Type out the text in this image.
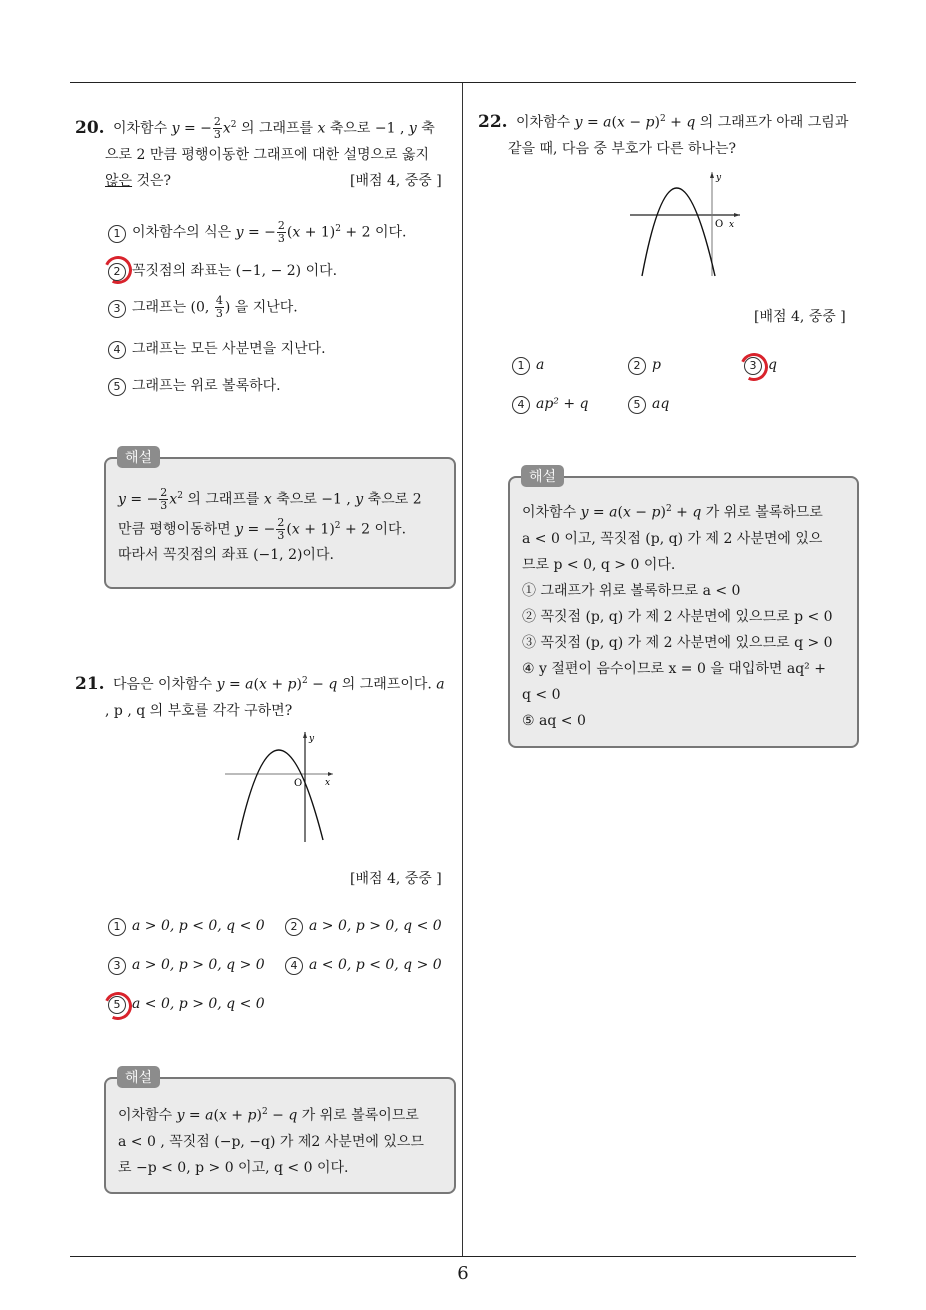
6
20. 이차함수 y = − $\frac{2}{3} x^2$ 의 그래프를 x 축으로 −1 , y 축
으로 2 만큼 평행이동한 그래프에 대한 설명으로 옳지
않은 것은?	[배점 4, 중중 ]
1 이차함수의 식은 y = − $\frac{2}{3} (x + 1)^2 + 2$ 이다.
2 꼭짓점의 좌표는 (−1, − 2) 이다.
3 그래프는 (0, $\frac{4}{3}$ ) 을 지난다.
4 그래프는 모든 사분면을 지난다.
5 그래프는 위로 볼록하다.
y = − $\frac{2}{3} x^2$ 의 그래프를 x 축으로 −1 , y 축으로 2
만큼 평행이동하면 y = − $\frac{2}{3} (x + 1)^2 + 2$ 이다.
따라서 꼭짓점의 좌표 (−1, 2)이다.
해설
21. 다음은 이차함수 $y = a(x + p)^2 - q$ 의 그래프이다. a
, p , q 의 부호를 각각 구하면?
O	x
y
[배점 4, 중중 ]
1 a > 0, p < 0, q < 0	2 a > 0, p > 0, q < 0
3 a > 0, p > 0, q > 0	4 a < 0, p < 0, q > 0
5 a < 0, p > 0, q < 0
이차함수 $y = a(x + p)^2 - q$ 가 위로 볼록이므로
a < 0 , 꼭짓점 (−p, −q) 가 제2 사분면에 있으므
로 −p < 0, p > 0 이고, q < 0 이다.
해설
22. 이차함수 $y = a(x - p)^2 + q$ 의 그래프가 아래 그림과
같을 때, 다음 중 부호가 다른 하나는?
O x
y
[배점 4, 중중 ]
1 a	2 p	3 q
4 ap² + q	5 aq
이차함수 $y = a(x - p)^2 + q$ 가 위로 볼록하므로
a < 0 이고, 꼭짓점 (p, q) 가 제 2 사분면에 있으
므로 p < 0, q > 0 이다.
① 그래프가 위로 볼록하므로 a < 0
② 꼭짓점 (p, q) 가 제 2 사분면에 있으므로 p < 0
③ 꼭짓점 (p, q) 가 제 2 사분면에 있으므로 q > 0
④ y 절편이 음수이므로 x = 0 을 대입하면 aq² +
q < 0
⑤ aq < 0
해설
